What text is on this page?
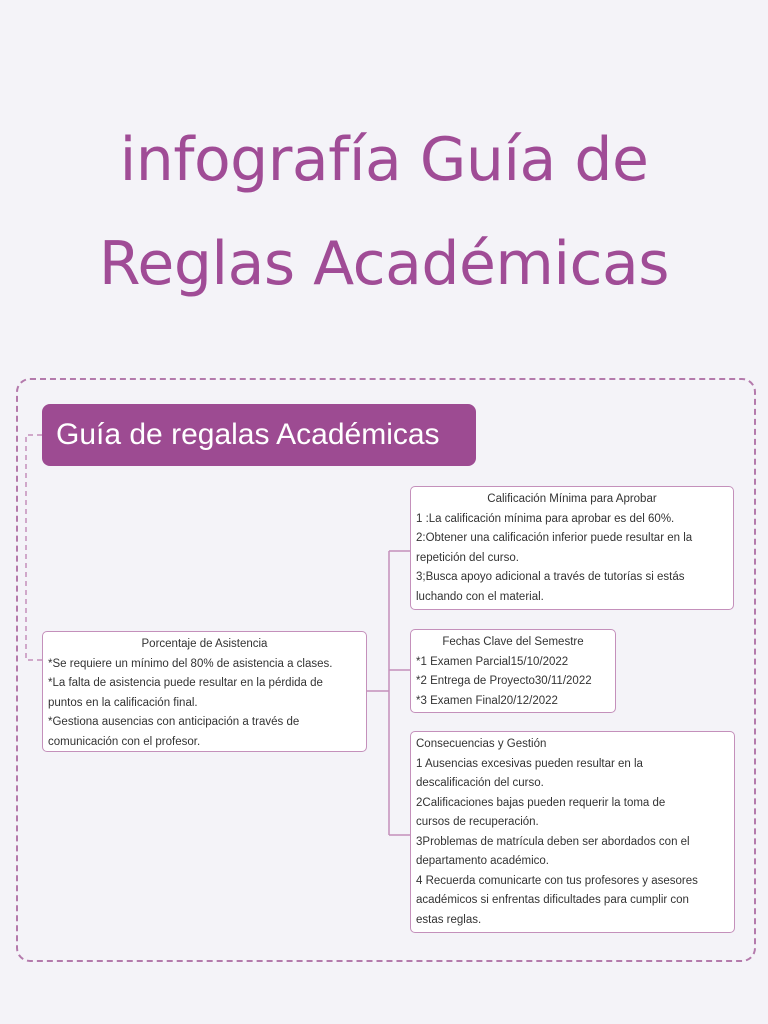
infografía Guía de
Reglas Académicas
Guía de regalas Académicas
Porcentaje de Asistencia
*Se requiere un mínimo del 80% de asistencia a clases.
*La falta de asistencia puede resultar en la pérdida de
puntos en la calificación final.
*Gestiona ausencias con anticipación a través de
comunicación con el profesor.
Calificación Mínima para Aprobar
1 :La calificación mínima para aprobar es del 60%.
2:Obtener una calificación inferior puede resultar en la
repetición del curso.
3;Busca apoyo adicional a través de tutorías si estás
luchando con el material.
Fechas Clave del Semestre
*1 Examen Parcial15/10/2022
*2 Entrega de Proyecto30/11/2022
*3 Examen Final20/12/2022
Consecuencias y Gestión
1 Ausencias excesivas pueden resultar en la
descalificación del curso.
2Calificaciones bajas pueden requerir la toma de
cursos de recuperación.
3Problemas de matrícula deben ser abordados con el
departamento académico.
4 Recuerda comunicarte con tus profesores y asesores
académicos si enfrentas dificultades para cumplir con
estas reglas.
